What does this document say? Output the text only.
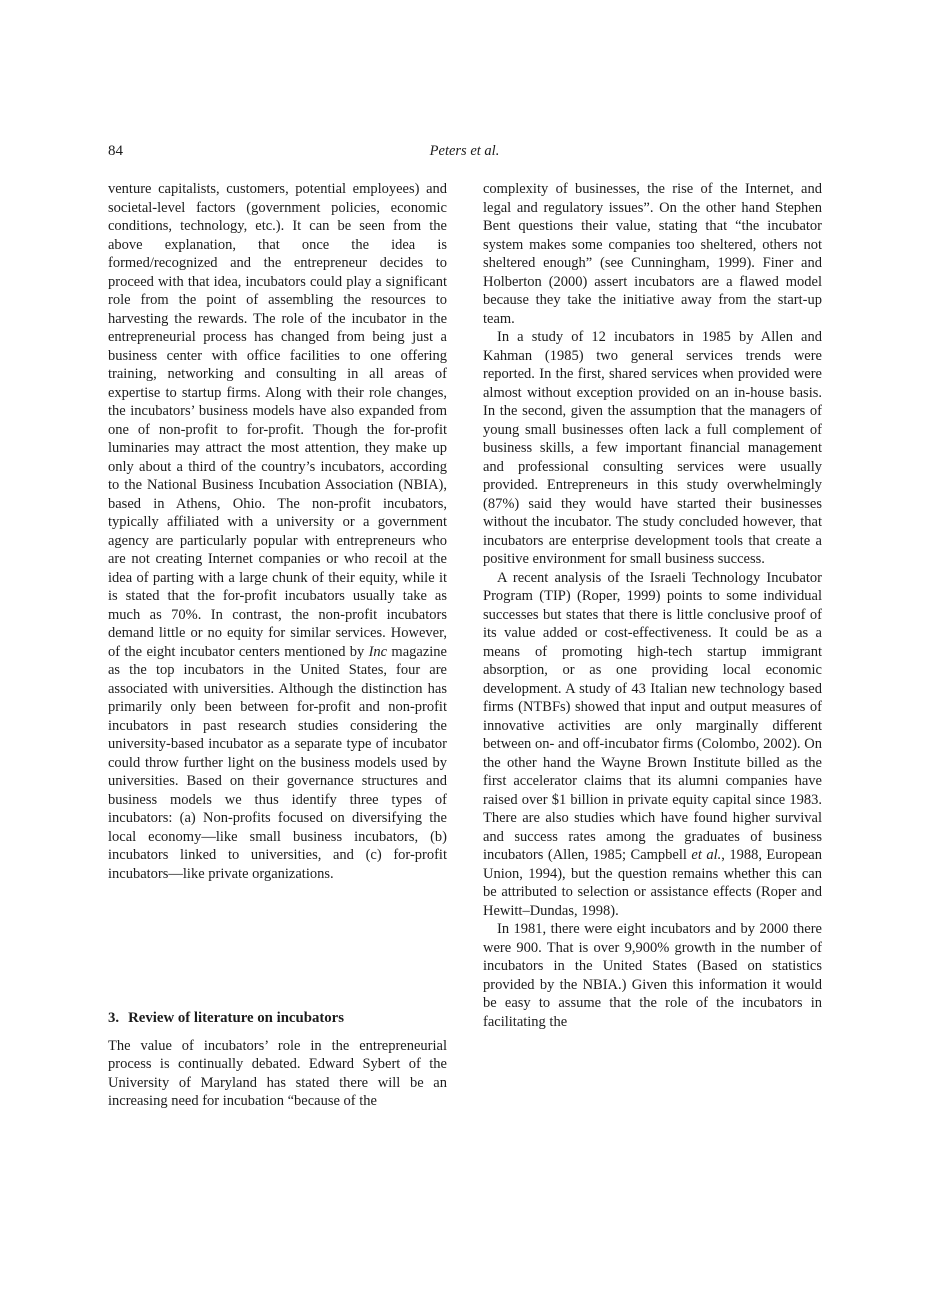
84	Peters et al.

venture capitalists, customers, potential employees) and societal-level factors (government policies, economic conditions, technology, etc.). It can be seen from the above explanation, that once the idea is formed/recognized and the entrepreneur decides to proceed with that idea, incubators could play a significant role from the point of assembling the resources to harvesting the rewards. The role of the incubator in the entrepreneurial process has changed from being just a business center with office facilities to one offering training, networking and consulting in all areas of expertise to startup firms. Along with their role changes, the incubators’ business models have also expanded from one of non-profit to for-profit. Though the for-profit luminaries may attract the most attention, they make up only about a third of the country’s incubators, according to the National Business Incubation Association (NBIA), based in Athens, Ohio. The non-profit incubators, typically affiliated with a university or a government agency are particularly popular with entrepreneurs who are not creating Internet companies or who recoil at the idea of parting with a large chunk of their equity, while it is stated that the for-profit incubators usually take as much as 70%. In contrast, the non-profit incubators demand little or no equity for similar services. However, of the eight incubator centers mentioned by Inc magazine as the top incubators in the United States, four are associated with universities. Although the distinction has primarily only been between for-profit and non-profit incubators in past research studies considering the university-based incubator as a separate type of incubator could throw further light on the business models used by universities. Based on their governance structures and business models we thus identify three types of incubators: (a) Non-profits focused on diversifying the local economy—like small business incubators, (b) incubators linked to universities, and (c) for-profit incubators—like private organizations.

3. Review of literature on incubators

The value of incubators’ role in the entrepreneurial process is continually debated. Edward Sybert of the University of Maryland has stated there will be an increasing need for incubation “because of the

complexity of businesses, the rise of the Internet, and legal and regulatory issues”. On the other hand Stephen Bent questions their value, stating that “the incubator system makes some companies too sheltered, others not sheltered enough” (see Cunningham, 1999). Finer and Holberton (2000) assert incubators are a flawed model because they take the initiative away from the start-up team.

In a study of 12 incubators in 1985 by Allen and Kahman (1985) two general services trends were reported. In the first, shared services when provided were almost without exception provided on an in-house basis. In the second, given the assumption that the managers of young small businesses often lack a full complement of business skills, a few important financial management and professional consulting services were usually provided. Entrepreneurs in this study overwhelmingly (87%) said they would have started their businesses without the incubator. The study concluded however, that incubators are enterprise development tools that create a positive environment for small business success.

A recent analysis of the Israeli Technology Incubator Program (TIP) (Roper, 1999) points to some individual successes but states that there is little conclusive proof of its value added or cost-effectiveness. It could be as a means of promoting high-tech startup immigrant absorption, or as one providing local economic development. A study of 43 Italian new technology based firms (NTBFs) showed that input and output measures of innovative activities are only marginally different between on- and off-incubator firms (Colombo, 2002). On the other hand the Wayne Brown Institute billed as the first accelerator claims that its alumni companies have raised over $1 billion in private equity capital since 1983. There are also studies which have found higher survival and success rates among the graduates of business incubators (Allen, 1985; Campbell et al., 1988, European Union, 1994), but the question remains whether this can be attributed to selection or assistance effects (Roper and Hewitt–Dundas, 1998).

In 1981, there were eight incubators and by 2000 there were 900. That is over 9,900% growth in the number of incubators in the United States (Based on statistics provided by the NBIA.) Given this information it would be easy to assume that the role of the incubators in facilitating the
